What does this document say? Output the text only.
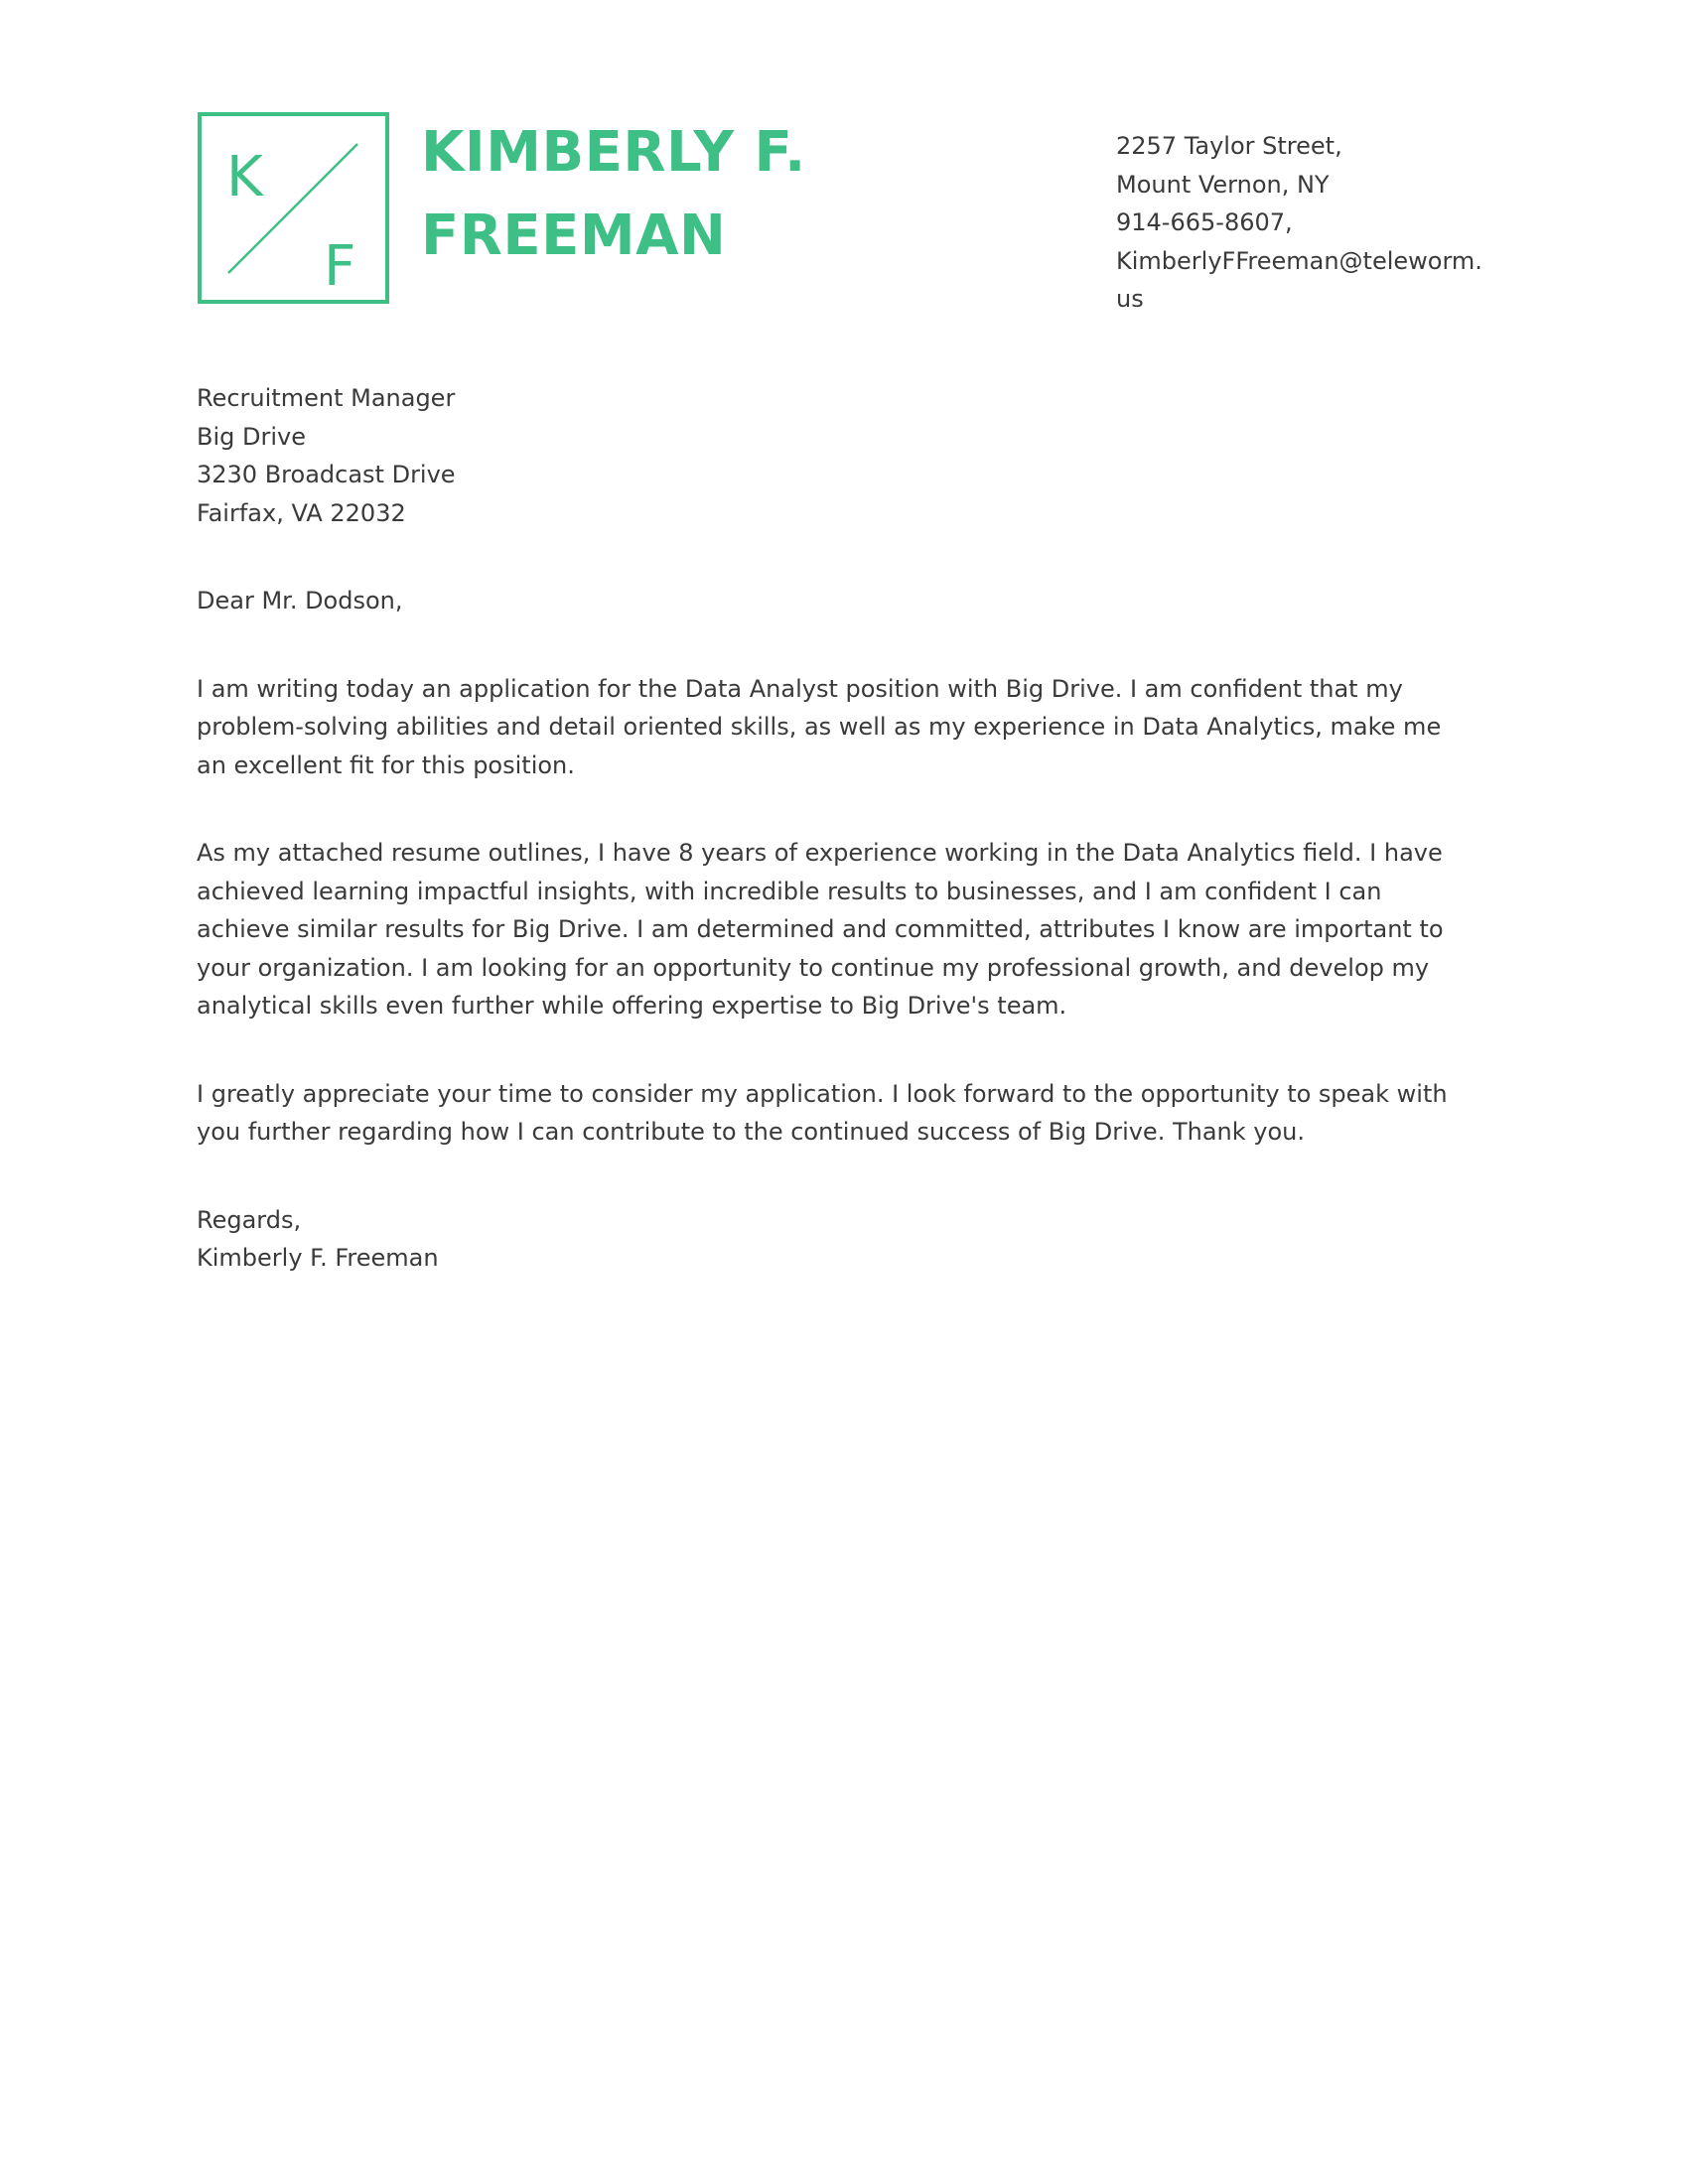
K
F
KIMBERLY F.
FREEMAN
2257 Taylor Street,
Mount Vernon, NY
914-665-8607,
KimberlyFFreeman@teleworm.
us
Recruitment Manager
Big Drive
3230 Broadcast Drive
Fairfax, VA 22032
Dear Mr. Dodson,

I am writing today an application for the Data Analyst position with Big Drive. I am confident that my problem-solving abilities and detail oriented skills, as well as my experience in Data Analytics, make me an excellent fit for this position.

As my attached resume outlines, I have 8 years of experience working in the Data Analytics field. I have achieved learning impactful insights, with incredible results to businesses, and I am confident I can achieve similar results for Big Drive. I am determined and committed, attributes I know are important to your organization. I am looking for an opportunity to continue my professional growth, and develop my analytical skills even further while offering expertise to Big Drive's team.

I greatly appreciate your time to consider my application. I look forward to the opportunity to speak with you further regarding how I can contribute to the continued success of Big Drive. Thank you.

Regards,
Kimberly F. Freeman
